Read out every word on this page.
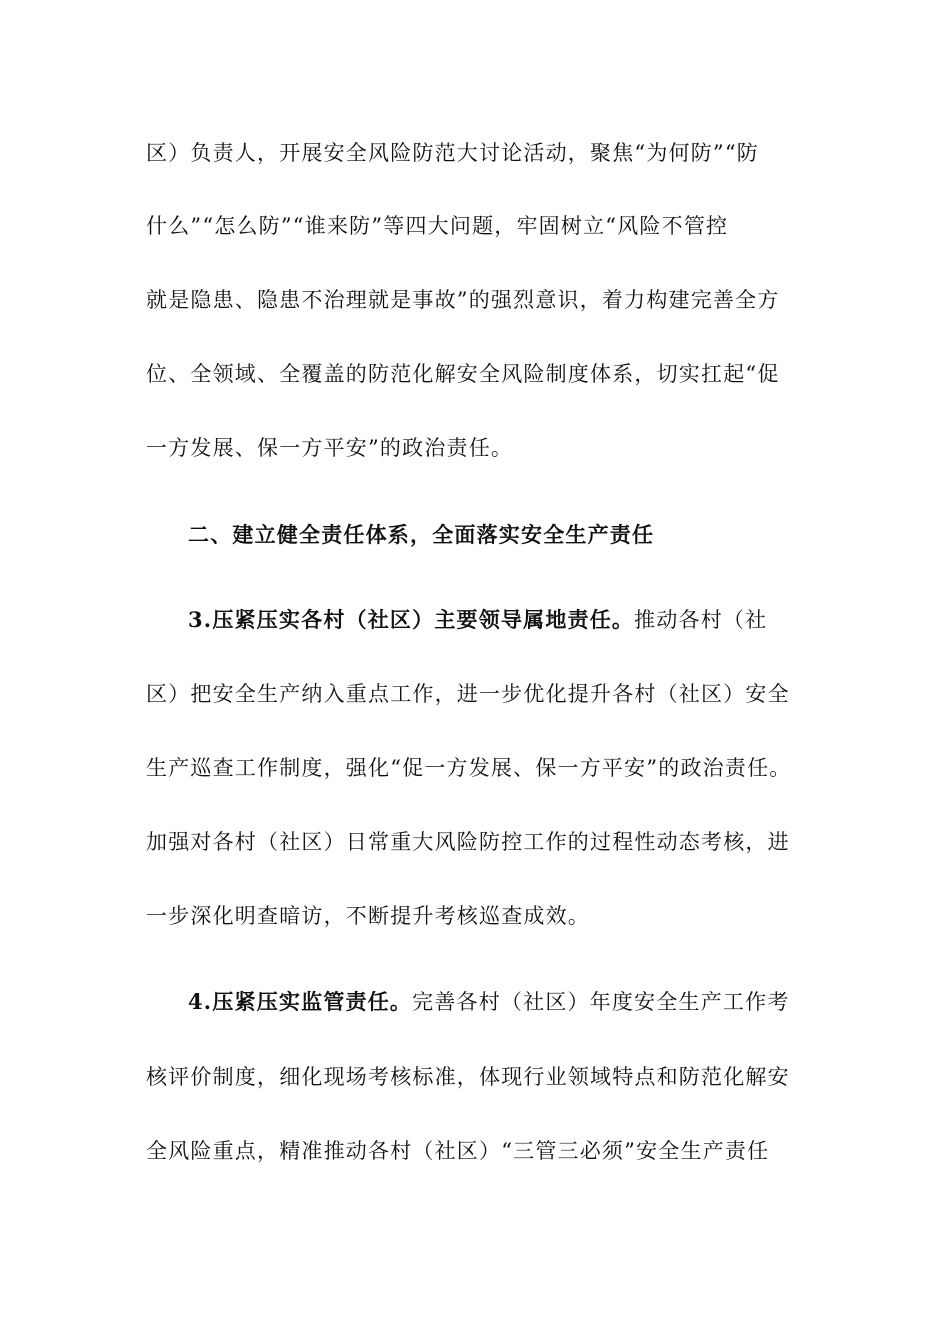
区）负责人，开展安全风险防范大讨论活动，聚焦“为何防”“防
什么”“怎么防”“谁来防”等四大问题，牢固树立“风险不管控
就是隐患、隐患不治理就是事故”的强烈意识，着力构建完善全方
位、全领域、全覆盖的防范化解安全风险制度体系，切实扛起“促
一方发展、保一方平安”的政治责任。
二、建立健全责任体系，全面落实安全生产责任
3.压紧压实各村（社区）主要领导属地责任。推动各村（社
区）把安全生产纳入重点工作，进一步优化提升各村（社区）安全
生产巡查工作制度，强化“促一方发展、保一方平安”的政治责任。
加强对各村（社区）日常重大风险防控工作的过程性动态考核，进
一步深化明查暗访，不断提升考核巡查成效。
4.压紧压实监管责任。完善各村（社区）年度安全生产工作考
核评价制度，细化现场考核标准，体现行业领域特点和防范化解安
全风险重点，精准推动各村（社区）“三管三必须”安全生产责任
